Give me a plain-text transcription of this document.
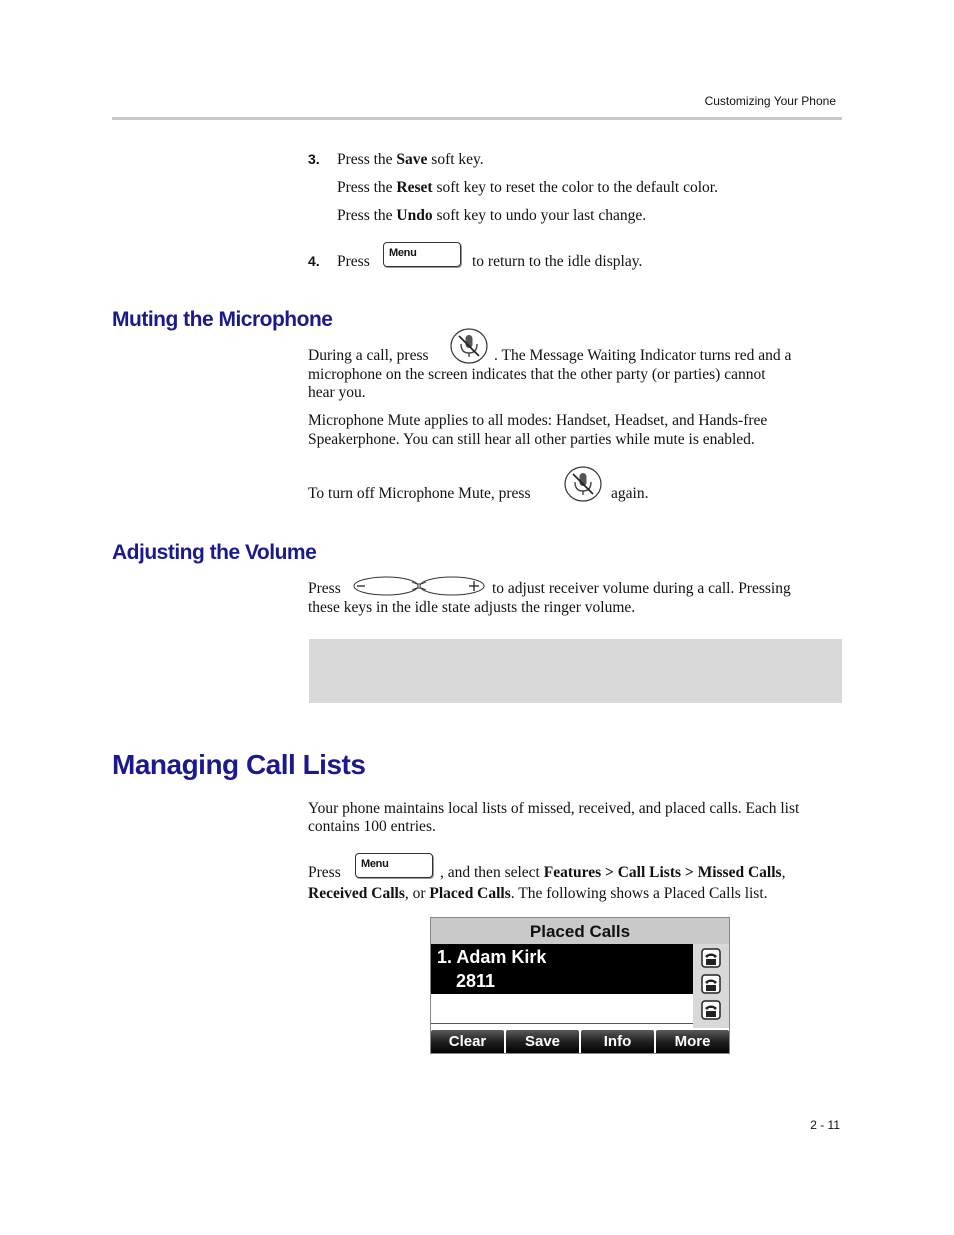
Customizing Your Phone
3. Press the Save soft key.
Press the Reset soft key to reset the color to the default color.
Press the Undo soft key to undo your last change.
4. Press Menu	to return to the idle display.
Muting the Microphone
During a call, press	. The Message Waiting Indicator turns red and a
microphone on the screen indicates that the other party (or parties) cannot
hear you.
Microphone Mute applies to all modes: Handset, Headset, and Hands-free
Speakerphone. You can still hear all other parties while mute is enabled.
To turn off Microphone Mute, press	again.
Adjusting the Volume
Press	to adjust receiver volume during a call. Pressing
these keys in the idle state adjusts the ringer volume.
Managing Call Lists
Your phone maintains local lists of missed, received, and placed calls. Each list
contains 100 entries.
Press Menu	, and then select Features > Call Lists > Missed Calls,
Received Calls, or Placed Calls. The following shows a Placed Calls list.
Placed Calls
1. Adam Kirk
2811
Clear	Save	Info	More
2 - 11
